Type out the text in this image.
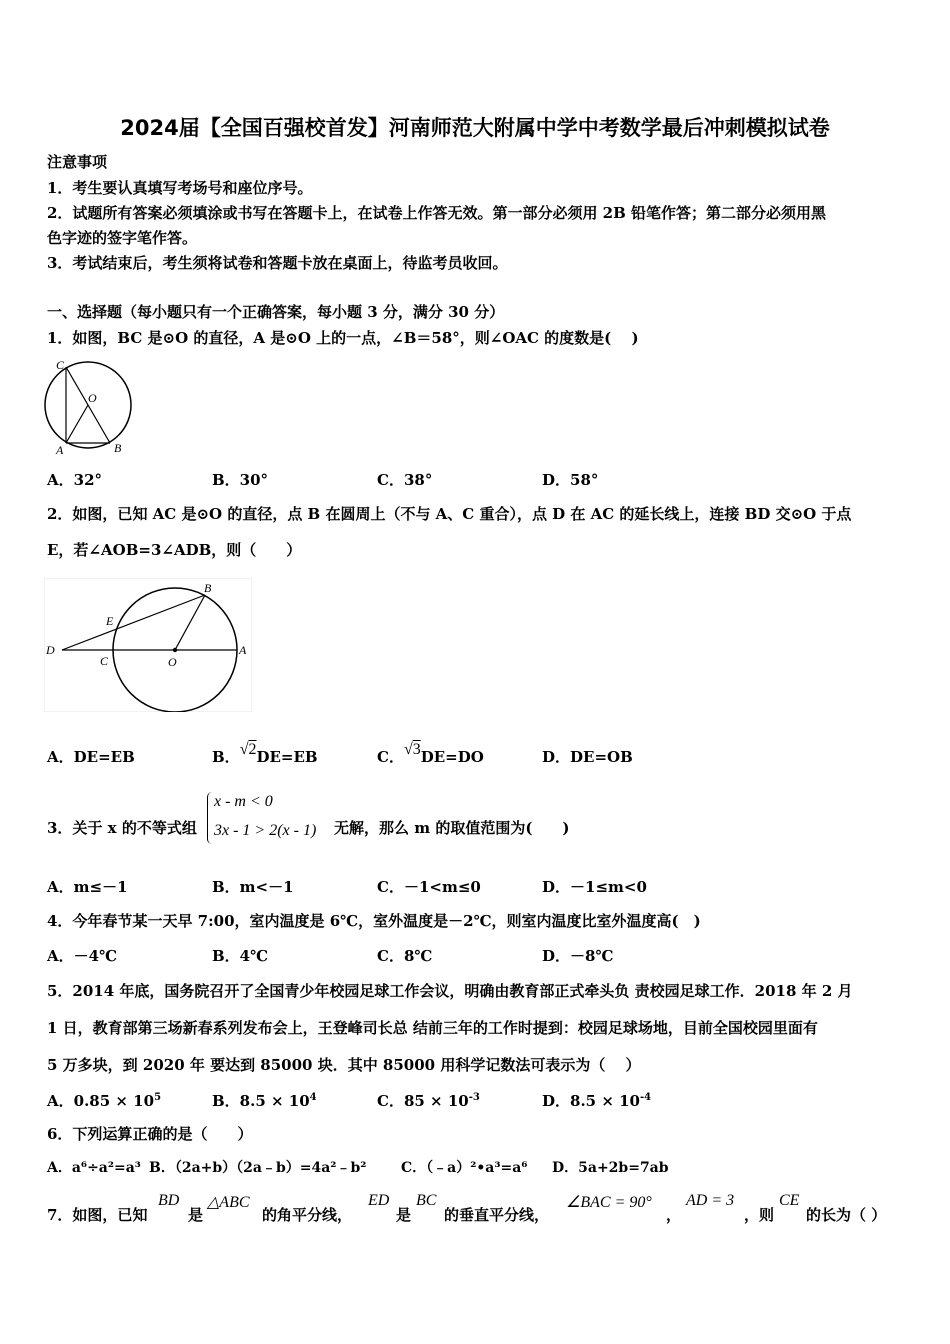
2024届【全国百强校首发】河南师范大附属中学中考数学最后冲刺模拟试卷
注意事项
1．考生要认真填写考场号和座位序号。
2．试题所有答案必须填涂或书写在答题卡上，在试卷上作答无效。第一部分必须用 2B 铅笔作答；第二部分必须用黑
色字迹的签字笔作答。
3．考试结束后，考生须将试卷和答题卡放在桌面上，待监考员收回。
一、选择题（每小题只有一个正确答案，每小题 3 分，满分 30 分）
1．如图，BC 是⊙O 的直径，A 是⊙O 上的一点，∠B＝58°，则∠OAC 的度数是(　 )
C
O
A	B
A．32°	B．30°	C．38°	D．58°
2．如图，已知 AC 是⊙O 的直径，点 B 在圆周上（不与 A、C 重合），点 D 在 AC 的延长线上，连接 BD 交⊙O 于点
E，若∠AOB=3∠ADB，则（　　）
B
E
D
C	O
A
A．DE=EB	B．√2DE=EB	C．√3DE=DO	D．DE=OB
3．关于 x 的不等式组
x - m < 0
3x - 1 > 2(x - 1) 无解，那么 m 的取值范围为(　　)
A．m≤－1	B．m<－1	C．－1<m≤0	D．－1≤m<0
4．今年春节某一天早 7:00，室内温度是 6℃，室外温度是－2℃，则室内温度比室外温度高(　)
A．－4℃	B．4℃	C．8℃	D．－8℃
5．2014 年底，国务院召开了全国青少年校园足球工作会议，明确由教育部正式牵头负 责校园足球工作．2018 年 2 月
1 日，教育部第三场新春系列发布会上，王登峰司长总 结前三年的工作时提到：校园足球场地，目前全国校园里面有
5 万多块，到 2020 年 要达到 85000 块．其中 85000 用科学记数法可表示为（　 ）
A．$0.85 \times 10^5$	B．$8.5 \times 10^4$	C．$85 \times 10^{-3}$	D．$8.5 \times 10^{-4}$
6．下列运算正确的是（　　）
A．a⁶÷a²=a³ B．（2a+b）（2a﹣b）=4a²﹣b² C．（﹣a）²•a³=a⁶ D．5a+2b=7ab
7．如图，已知
BD
是
△ABC
的角平分线，
ED
是
BC
的垂直平分线，
∠BAC = 90°
，
AD = 3
，则
CE
的长为（ ）
